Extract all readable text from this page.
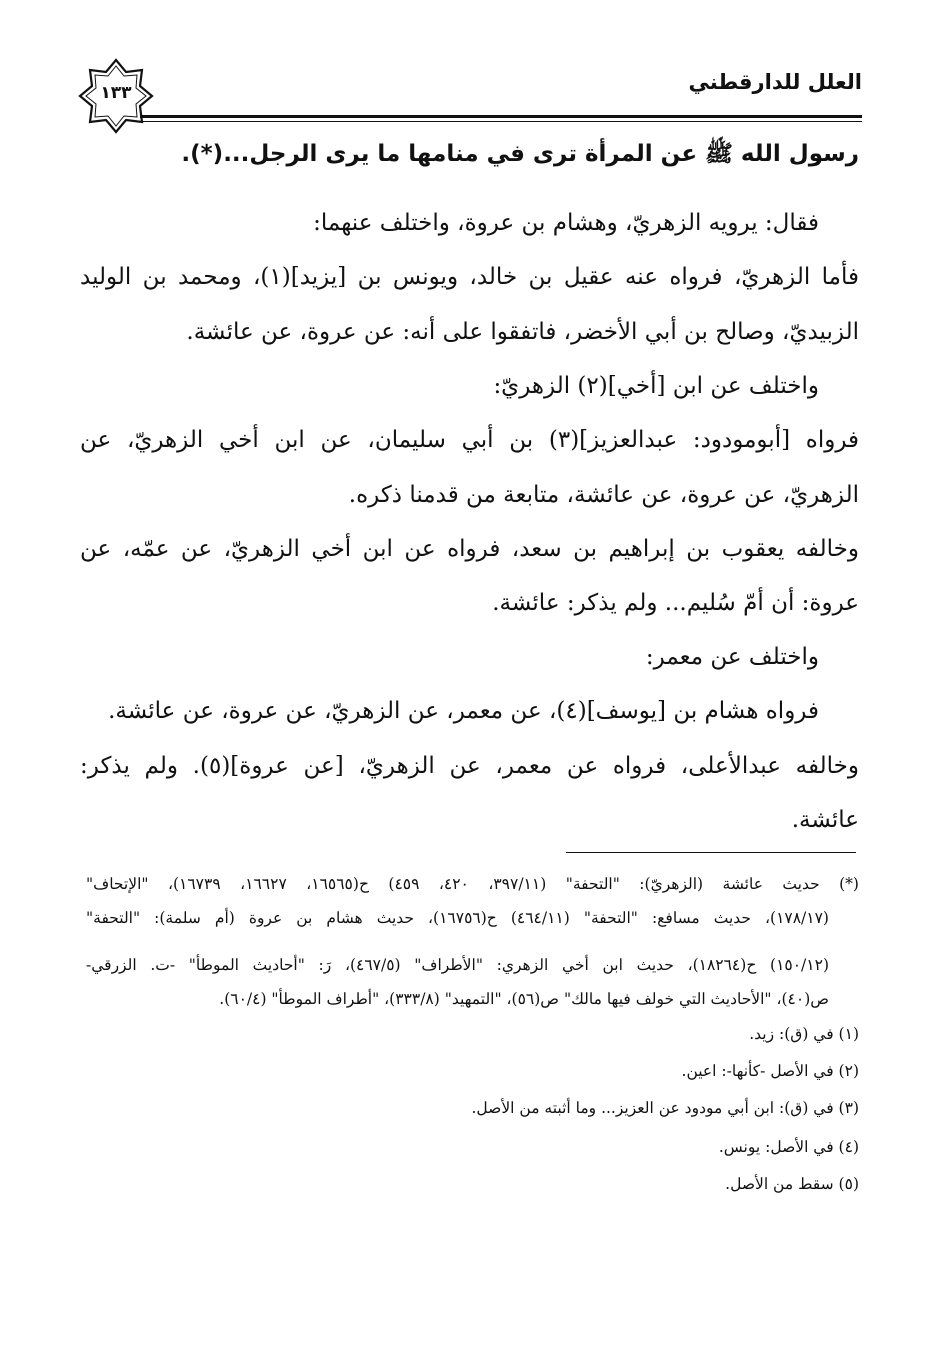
العلل للدارقطني
١٣٣
رسول الله ﷺ عن المرأة ترى في منامها ما يرى الرجل...(*).
فقال: يرويه الزهريّ، وهشام بن عروة، واختلف عنهما:
فأما الزهريّ، فرواه عنه عقيل بن خالد، ويونس بن [يزيد](١)، ومحمد بن الوليد
الزبيديّ، وصالح بن أبي الأخضر، فاتفقوا على أنه: عن عروة، عن عائشة.
واختلف عن ابن [أخي](٢) الزهريّ:
فرواه [أبومودود: عبدالعزيز](٣) بن أبي سليمان، عن ابن أخي الزهريّ، عن
الزهريّ، عن عروة، عن عائشة، متابعة من قدمنا ذكره.
وخالفه يعقوب بن إبراهيم بن سعد، فرواه عن ابن أخي الزهريّ، عن عمّه، عن
عروة: أن أمّ سُليم... ولم يذكر: عائشة.
واختلف عن معمر:
فرواه هشام بن [يوسف](٤)، عن معمر، عن الزهريّ، عن عروة، عن عائشة.
وخالفه عبدالأعلى، فرواه عن معمر، عن الزهريّ، [عن عروة](٥). ولم يذكر:
عائشة.
(*) حديث عائشة (الزهريّ): "التحفة" (٣٩٧/١١، ٤٢٠، ٤٥٩) ح(١٦٥٦٥، ١٦٦٢٧، ١٦٧٣٩)، "الإتحاف"
(١٧٨/١٧)، حديث مسافع: "التحفة" (٤٦٤/١١) ح(١٦٧٥٦)، حديث هشام بن عروة (أم سلمة): "التحفة"
(١٥٠/١٢) ح(١٨٢٦٤)، حديث ابن أخي الزهري: "الأطراف" (٤٦٧/٥)، رَ: "أحاديث الموطأ" -ت. الزرقي-
ص(٤٠)، "الأحاديث التي خولف فيها مالك" ص(٥٦)، "التمهيد" (٣٣٣/٨)، "أطراف الموطأ" (٦٠/٤).
(١) في (ق): زيد.
(٢) في الأصل -كأنها-: اعين.
(٣) في (ق): ابن أبي مودود عن العزيز... وما أثبته من الأصل.
(٤) في الأصل: يونس.
(٥) سقط من الأصل.
